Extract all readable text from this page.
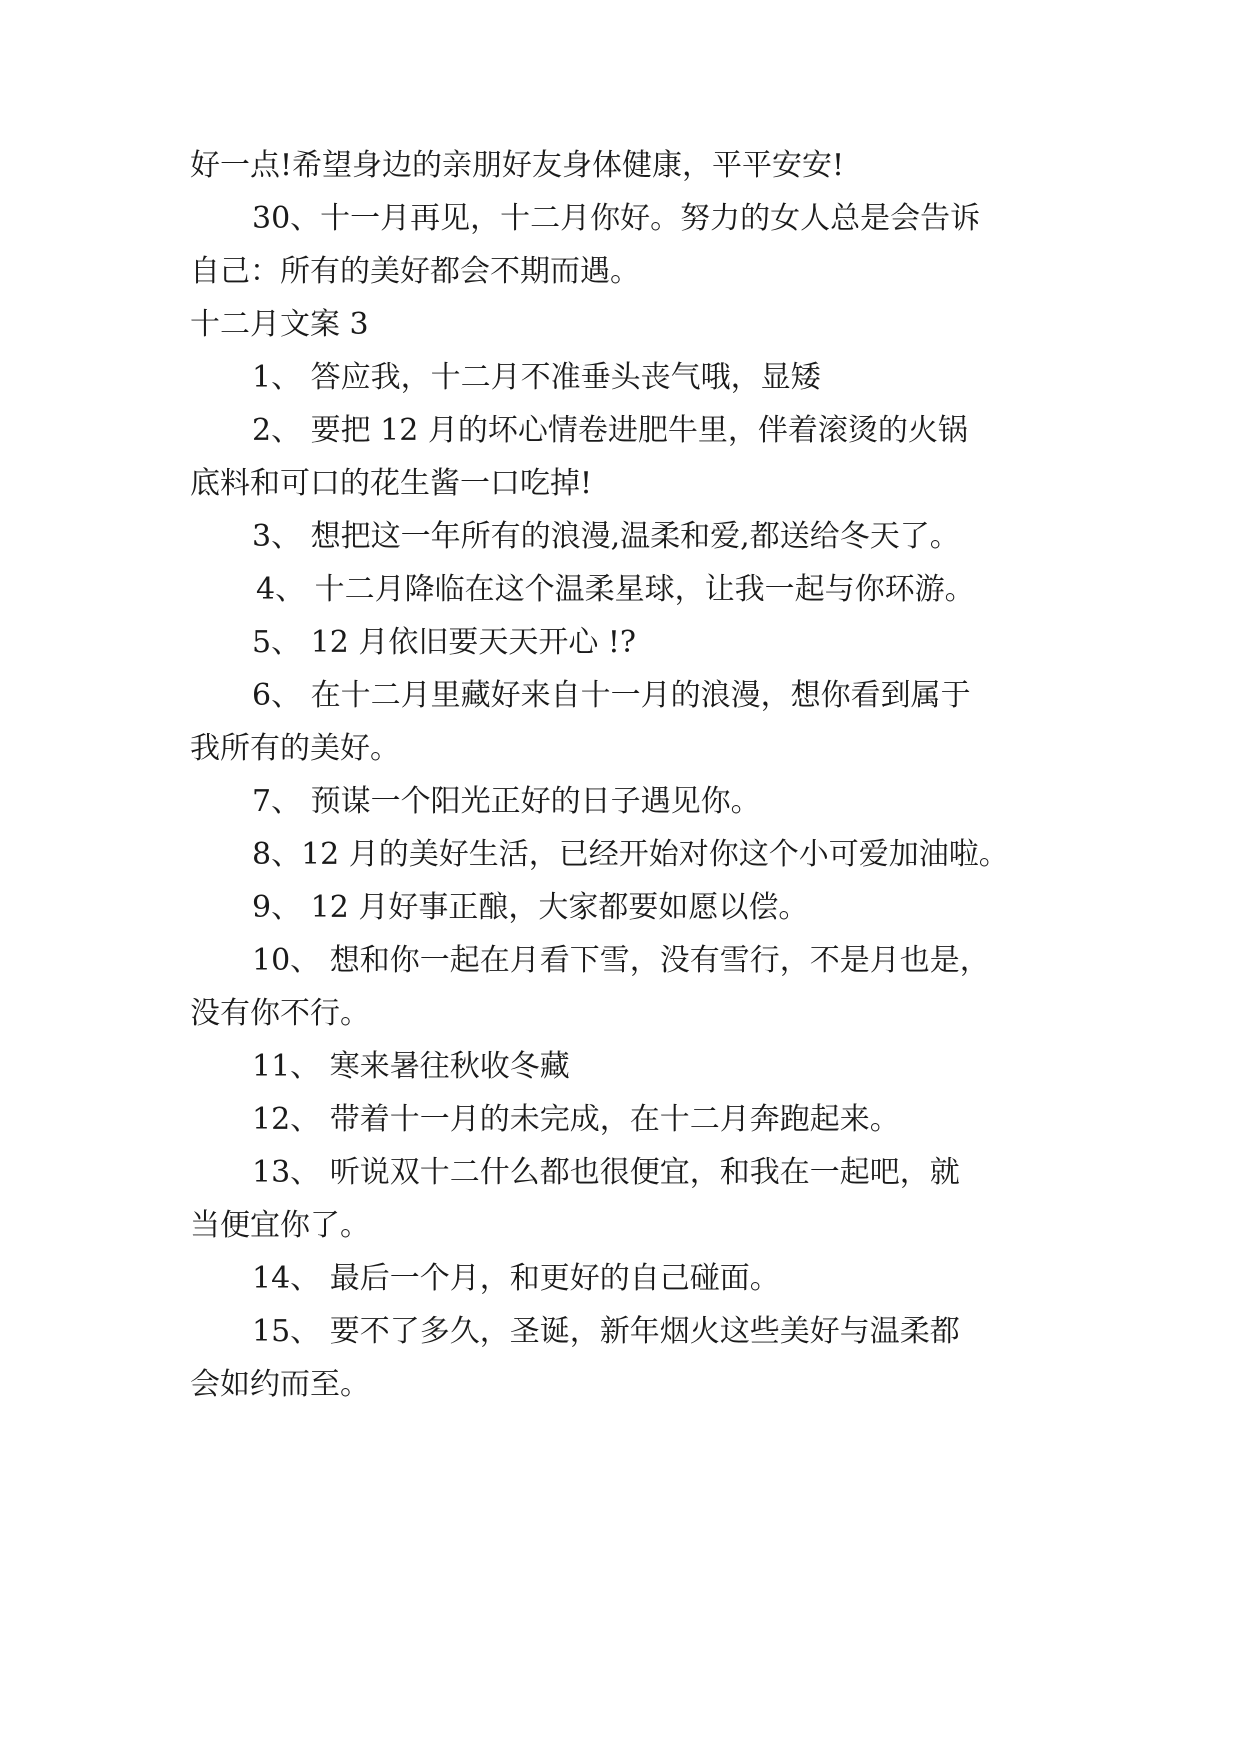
好一点!希望身边的亲朋好友身体健康，平平安安!
30、十一月再见，十二月你好。努力的女人总是会告诉
自己：所有的美好都会不期而遇。
十二月文案 3
1、 答应我，十二月不准垂头丧气哦，显矮
2、 要把 12 月的坏心情卷进肥牛里，伴着滚烫的火锅
底料和可口的花生酱一口吃掉!
3、 想把这一年所有的浪漫,温柔和爱,都送给冬天了。
4、 十二月降临在这个温柔星球，让我一起与你环游。
5、 12 月依旧要天天开心 !?
6、 在十二月里藏好来自十一月的浪漫，想你看到属于
我所有的美好。
7、 预谋一个阳光正好的日子遇见你。
8、12 月的美好生活，已经开始对你这个小可爱加油啦。
9、 12 月好事正酿，大家都要如愿以偿。
10、 想和你一起在月看下雪，没有雪行，不是月也是，
没有你不行。
11、 寒来暑往秋收冬藏
12、 带着十一月的未完成，在十二月奔跑起来。
13、 听说双十二什么都也很便宜，和我在一起吧，就
当便宜你了。
14、 最后一个月，和更好的自己碰面。
15、 要不了多久，圣诞，新年烟火这些美好与温柔都
会如约而至。
